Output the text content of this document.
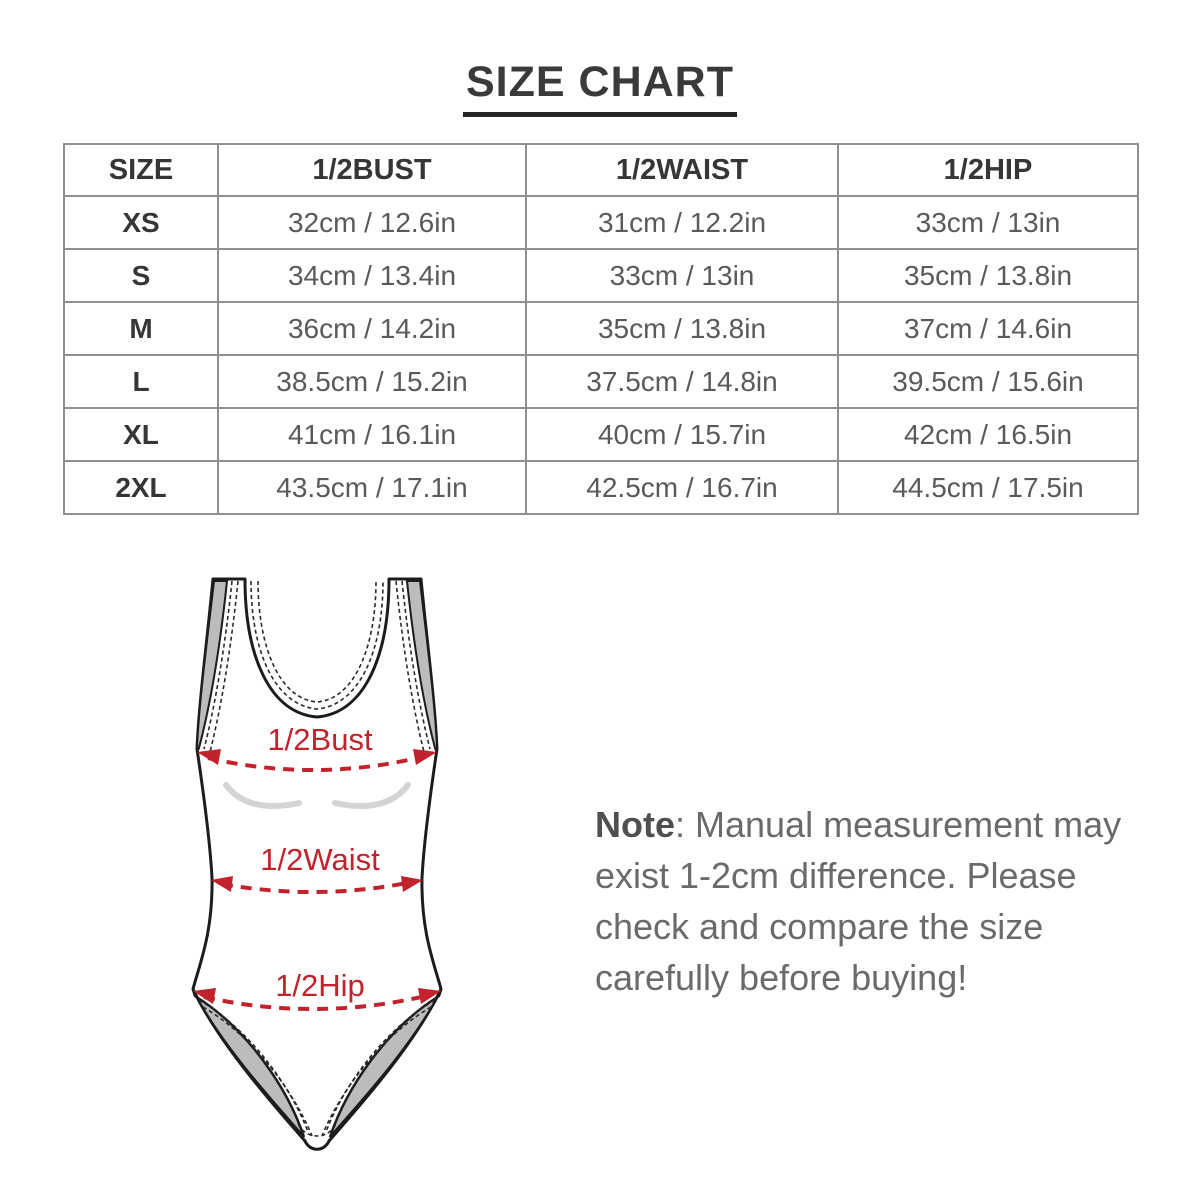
SIZE CHART
SIZE	1/2BUST	1/2WAIST	1/2HIP
XS	32cm / 12.6in	31cm / 12.2in	33cm / 13in
S	34cm / 13.4in	33cm / 13in	35cm / 13.8in
M	36cm / 14.2in	35cm / 13.8in	37cm / 14.6in
L	38.5cm / 15.2in	37.5cm / 14.8in	39.5cm / 15.6in
XL	41cm / 16.1in	40cm / 15.7in	42cm / 16.5in
2XL	43.5cm / 17.1in	42.5cm / 16.7in	44.5cm / 17.5in
1/2Bust
1/2Waist
1/2Hip
Note: Manual measurement may
exist 1-2cm difference. Please
check and compare the size
carefully before buying!
